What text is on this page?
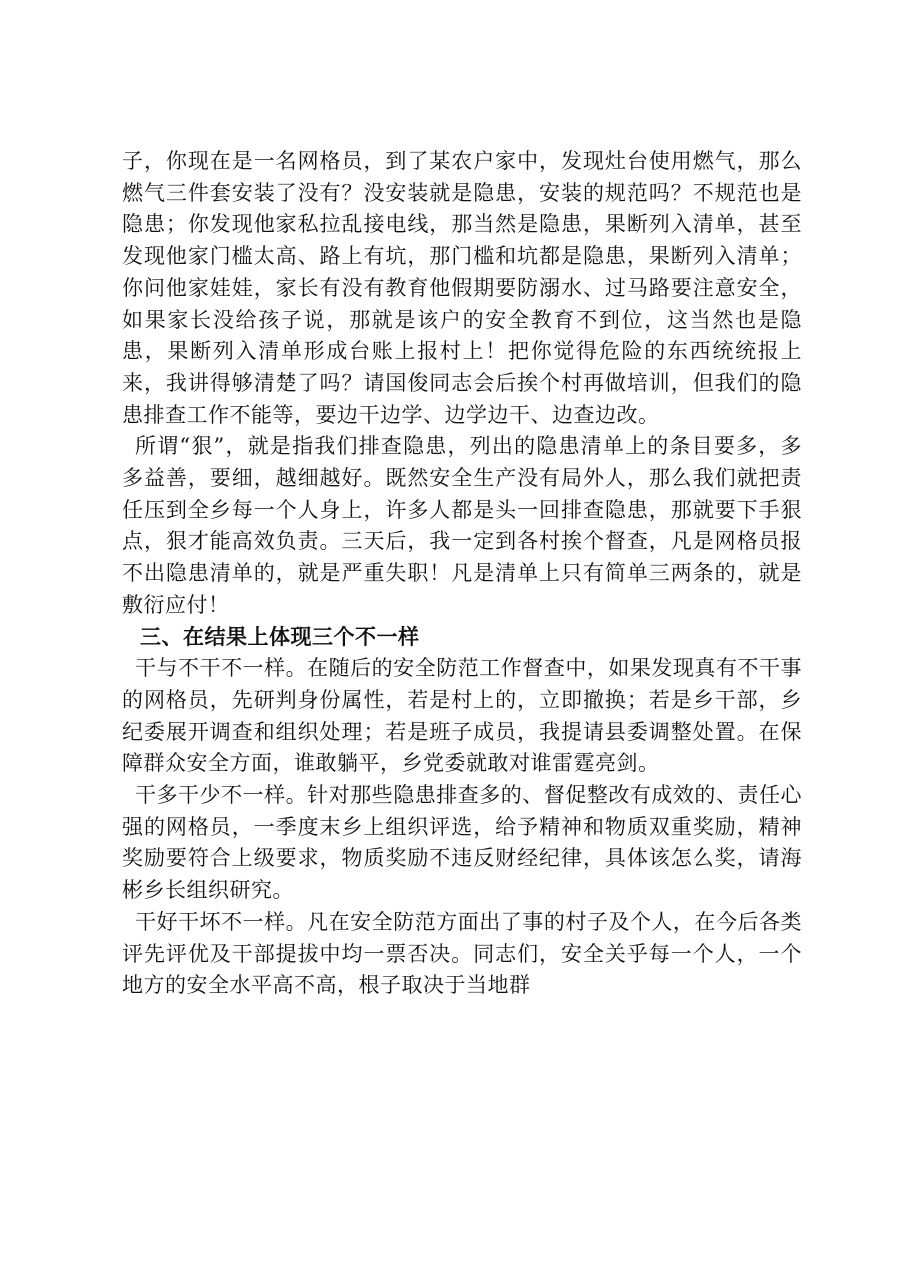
子，你现在是一名网格员，到了某农户家中，发现灶台使用燃气，那么燃气三件套安装了没有？没安装就是隐患，安装的规范吗？不规范也是隐患；你发现他家私拉乱接电线，那当然是隐患，果断列入清单，甚至发现他家门槛太高、路上有坑，那门槛和坑都是隐患，果断列入清单；你问他家娃娃，家长有没有教育他假期要防溺水、过马路要注意安全，如果家长没给孩子说，那就是该户的安全教育不到位，这当然也是隐患，果断列入清单形成台账上报村上！把你觉得危险的东西统统报上来，我讲得够清楚了吗？请国俊同志会后挨个村再做培训，但我们的隐患排查工作不能等，要边干边学、边学边干、边查边改。

所谓“狠”，就是指我们排查隐患，列出的隐患清单上的条目要多，多多益善，要细，越细越好。既然安全生产没有局外人，那么我们就把责任压到全乡每一个人身上，许多人都是头一回排查隐患，那就要下手狠点，狠才能高效负责。三天后，我一定到各村挨个督查，凡是网格员报不出隐患清单的，就是严重失职！凡是清单上只有简单三两条的，就是敷衍应付！

三、在结果上体现三个不一样

干与不干不一样。在随后的安全防范工作督查中，如果发现真有不干事的网格员，先研判身份属性，若是村上的，立即撤换；若是乡干部，乡纪委展开调查和组织处理；若是班子成员，我提请县委调整处置。在保障群众安全方面，谁敢躺平，乡党委就敢对谁雷霆亮剑。

干多干少不一样。针对那些隐患排查多的、督促整改有成效的、责任心强的网格员，一季度末乡上组织评选，给予精神和物质双重奖励，精神奖励要符合上级要求，物质奖励不违反财经纪律，具体该怎么奖，请海彬乡长组织研究。

干好干坏不一样。凡在安全防范方面出了事的村子及个人，在今后各类评先评优及干部提拔中均一票否决。同志们，安全关乎每一个人，一个地方的安全水平高不高，根子取决于当地群
